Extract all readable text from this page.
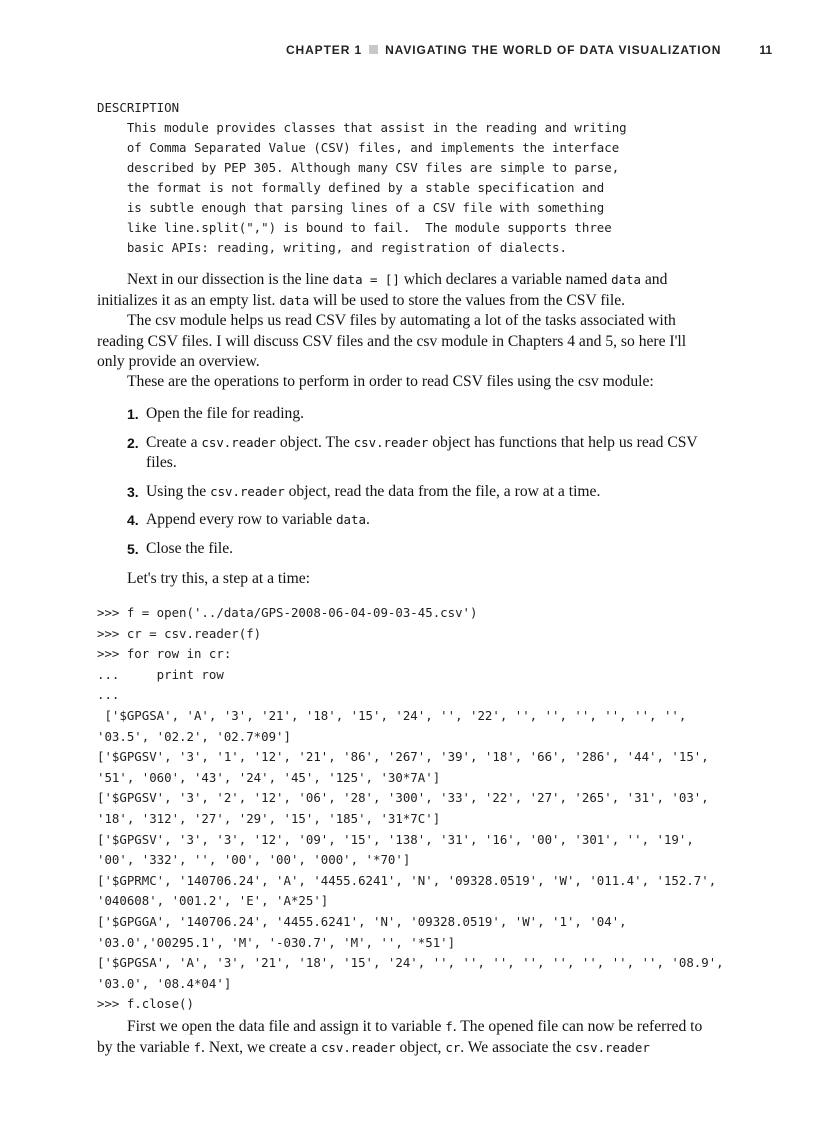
CHAPTER 1 NAVIGATING THE WORLD OF DATA VISUALIZATION	11
DESCRIPTION
This module provides classes that assist in the reading and writing
of Comma Separated Value (CSV) files, and implements the interface
described by PEP 305. Although many CSV files are simple to parse,
the format is not formally defined by a stable specification and
is subtle enough that parsing lines of a CSV file with something
like line.split(",") is bound to fail.  The module supports three
basic APIs: reading, writing, and registration of dialects.

Next in our dissection is the line data = [] which declares a variable named data and initializes it as an empty list. data will be used to store the values from the CSV file.

The csv module helps us read CSV files by automating a lot of the tasks associated with reading CSV files. I will discuss CSV files and the csv module in Chapters 4 and 5, so here I'll only provide an overview.

These are the operations to perform in order to read CSV files using the csv module:

1. Open the file for reading.
2. Create a csv.reader object. The csv.reader object has functions that help us read CSV files.
3. Using the csv.reader object, read the data from the file, a row at a time.
4. Append every row to variable data.
5. Close the file.

Let's try this, a step at a time:

>>> f = open('../data/GPS-2008-06-04-09-03-45.csv')
>>> cr = csv.reader(f)
>>> for row in cr:
...     print row
...
['$GPGSA', 'A', '3', '21', '18', '15', '24', '', '22', '', '', '', '', '', '',
'03.5', '02.2', '02.7*09']
['$GPGSV', '3', '1', '12', '21', '86', '267', '39', '18', '66', '286', '44', '15',
'51', '060', '43', '24', '45', '125', '30*7A']
['$GPGSV', '3', '2', '12', '06', '28', '300', '33', '22', '27', '265', '31', '03',
'18', '312', '27', '29', '15', '185', '31*7C']
['$GPGSV', '3', '3', '12', '09', '15', '138', '31', '16', '00', '301', '', '19',
'00', '332', '', '00', '00', '000', '*70']
['$GPRMC', '140706.24', 'A', '4455.6241', 'N', '09328.0519', 'W', '011.4', '152.7',
'040608', '001.2', 'E', 'A*25']
['$GPGGA', '140706.24', '4455.6241', 'N', '09328.0519', 'W', '1', '04',
'03.0','00295.1', 'M', '-030.7', 'M', '', '*51']
['$GPGSA', 'A', '3', '21', '18', '15', '24', '', '', '', '', '', '', '', '', '08.9',
'03.0', '08.4*04']
>>> f.close()

First we open the data file and assign it to variable f. The opened file can now be referred to by the variable f. Next, we create a csv.reader object, cr. We associate the csv.reader
